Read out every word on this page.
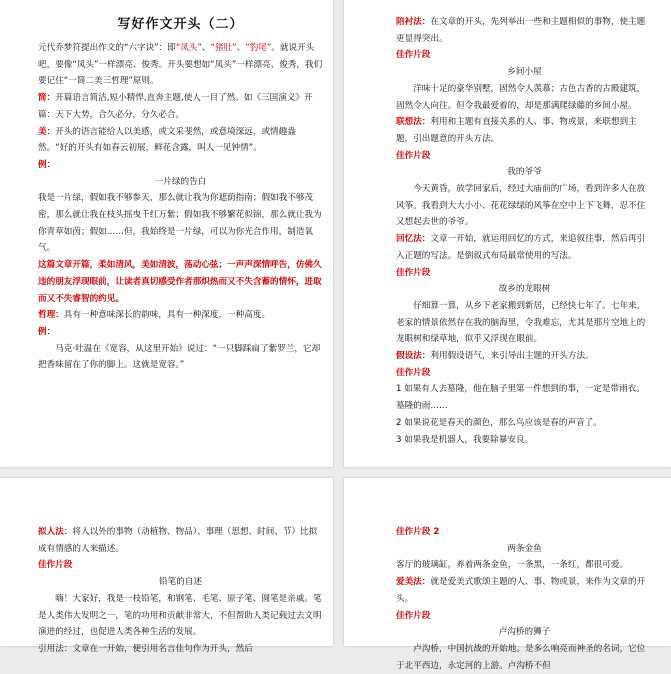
写好作文开头（二）

元代乔梦符提出作文的“六字诀”：即“凤头”、“猪肚”、“豹尾”。就说开头吧，要像“凤头”一样漂亮、俊秀。开头要想如“凤头”一样漂亮、俊秀，我们要记住“一简二美三哲理”原则。

简：开篇语言简洁,短小精悍,直奔主题,使人一目了然。如《三国演义》开篇：天下大势，合久必分，分久必合。

美：开头的语言能给人以美感，或文采斐然，或意境深远，或情趣盎然。“好的开头有如春云初展，鲜花含露，叫人一见钟情”。

例：

一片绿的告白

我是一片绿，假如我不够参天，那么就让我为你遮荫指南；假如我不够茂密，那么就让我在枝头摇曳千红万紫；假如我不够繁花似锦，那么就让我为你青草如茵；假如……但，我始终是一片绿，可以为你光合作用，制造氧气。

这篇文章开篇，柔如清风，美如清波，荡动心弦；一声声深情呼告，仿佛久违的朋友浮现眼前，让读者真切感受作者那炽热而又不失含蓄的情怀，进取而又不失睿智的约见。

哲理：具有一种意味深长的韵味，具有一种深度，一种高度。

例：

马克·吐温在《宽容，从这里开始》说过：“一只脚踩扁了紫罗兰，它却把香味留在了你的脚上。这就是宽容。”

陪衬法：在文章的开头，先列举出一些和主题相似的事物，使主题更显得突出。

佳作片段

乡间小屋

洋味十足的豪华别墅，固然令人羡慕；古色古香的古殿建筑，固然令人向往。但令我最爱着的，却是那满爬绿藤的乡间小屋。

联想法：利用和主题有直接关系的人、事、物或景，来联想到主题，引出题意的开头方法。

佳作片段

我的爷爷

今天黄昏，放学回家后，经过大庙前的广场，看到许多人在放风筝。我看到大大小小、花花绿绿的风筝在空中上下飞舞，忍不住又想起去世的爷爷。

回忆法：文章一开始，就运用回忆的方式，来追叙往事，然后再引入正题的写法。是倒叙式布局最常使用的写法。

佳作片段

故乡的龙眼树

仔细算一算，从乡下老家搬到新居，已经快七年了。七年来，老家的情景依然存在我的脑海里，令我难忘，尤其是那片空地上的龙眼树和绿草地，似乎又浮现在眼前。

假设法：利用假设语气，来引导出主题的开头方法。

佳作片段

1 如果有人去墓隆，他在脑子里第一件想到的事，一定是带雨衣。墓隆的雨……

2 如果说花是春天的颜色，那么鸟应该是春的声音了。

3 如果我是机器人，我要除暴安良。

拟人法：将人以外的事物（动植物、物品）、事理（思想、时间、节）比拟成有情感的人来描述。

佳作片段

铅笔的自述

嗨！大家好，我是一枝铅笔，和钢笔、毛笔、原子笔、圆笔是亲戚。笔是人类伟大发明之一，笔的功用和贡献非常大，不但帮助人类记载过去文明演进的经过，也促进人类各种生活的发展。

引用法：文章在一开始，便引用名言佳句作为开头，然后

佳作片段 2

两条金鱼

客厅的玻璃缸，养着两条金鱼，一条黑，一条红，都很可爱。

爱美法：就是爱美式歌颂主题的人、事、物或景，来作为文章的开头。

佳作片段

卢沟桥的狮子

卢沟桥，中国抗战的开始地。是多么响亮而神圣的名词，它位于北平西边，永定河的上游。卢沟桥不但
